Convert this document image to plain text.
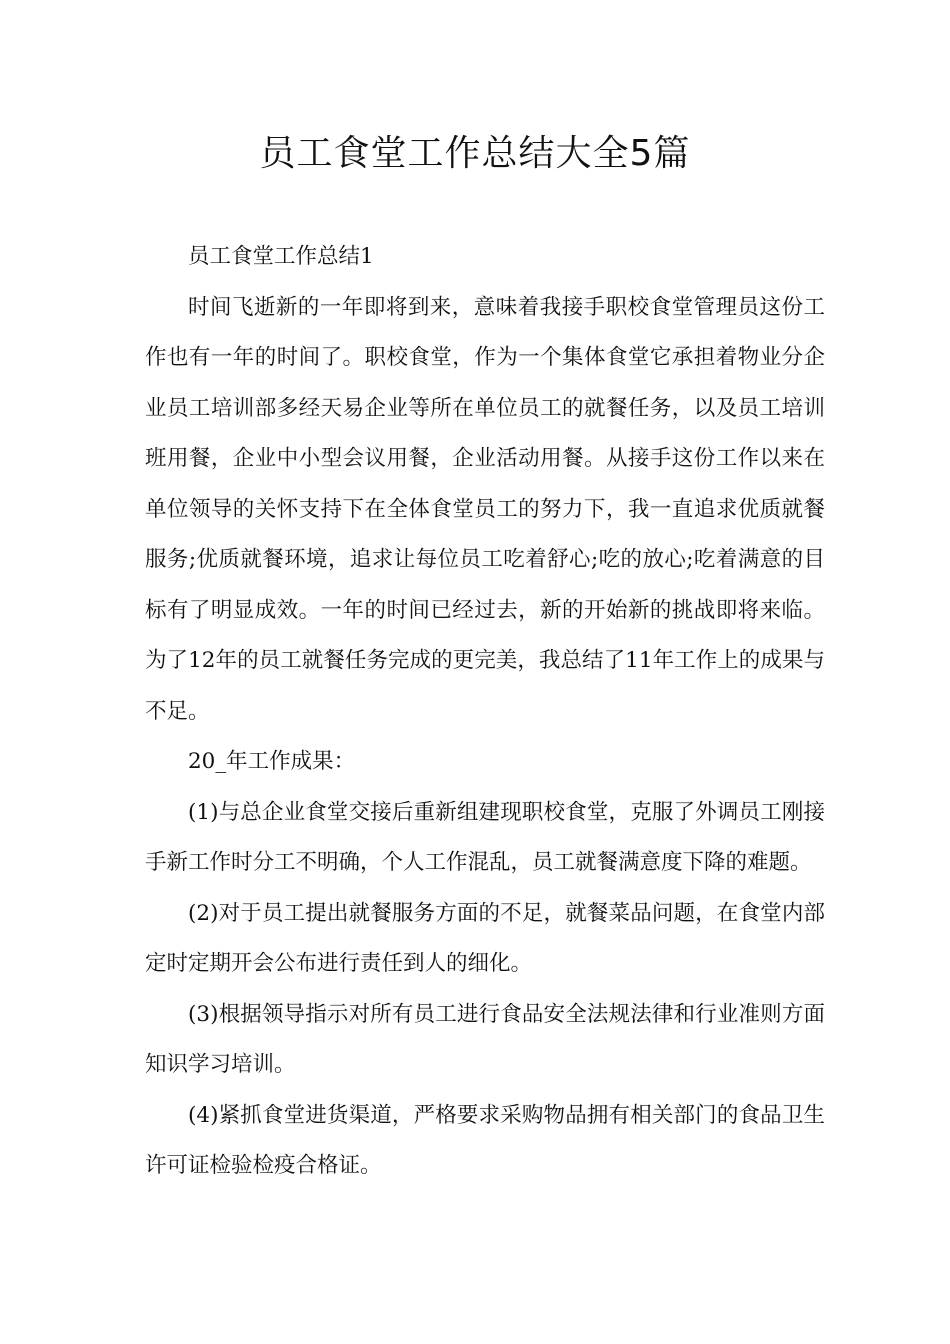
员工食堂工作总结大全5篇

员工食堂工作总结1

时间飞逝新的一年即将到来，意味着我接手职校食堂管理员这份工作也有一年的时间了。职校食堂，作为一个集体食堂它承担着物业分企业员工培训部多经天易企业等所在单位员工的就餐任务，以及员工培训班用餐，企业中小型会议用餐，企业活动用餐。从接手这份工作以来在单位领导的关怀支持下在全体食堂员工的努力下，我一直追求优质就餐服务;优质就餐环境，追求让每位员工吃着舒心;吃的放心;吃着满意的目标有了明显成效。一年的时间已经过去，新的开始新的挑战即将来临。为了12年的员工就餐任务完成的更完美，我总结了11年工作上的成果与不足。

20_年工作成果：

(1)与总企业食堂交接后重新组建现职校食堂，克服了外调员工刚接手新工作时分工不明确，个人工作混乱，员工就餐满意度下降的难题。

(2)对于员工提出就餐服务方面的不足，就餐菜品问题，在食堂内部定时定期开会公布进行责任到人的细化。

(3)根据领导指示对所有员工进行食品安全法规法律和行业准则方面知识学习培训。

(4)紧抓食堂进货渠道，严格要求采购物品拥有相关部门的食品卫生许可证检验检疫合格证。
